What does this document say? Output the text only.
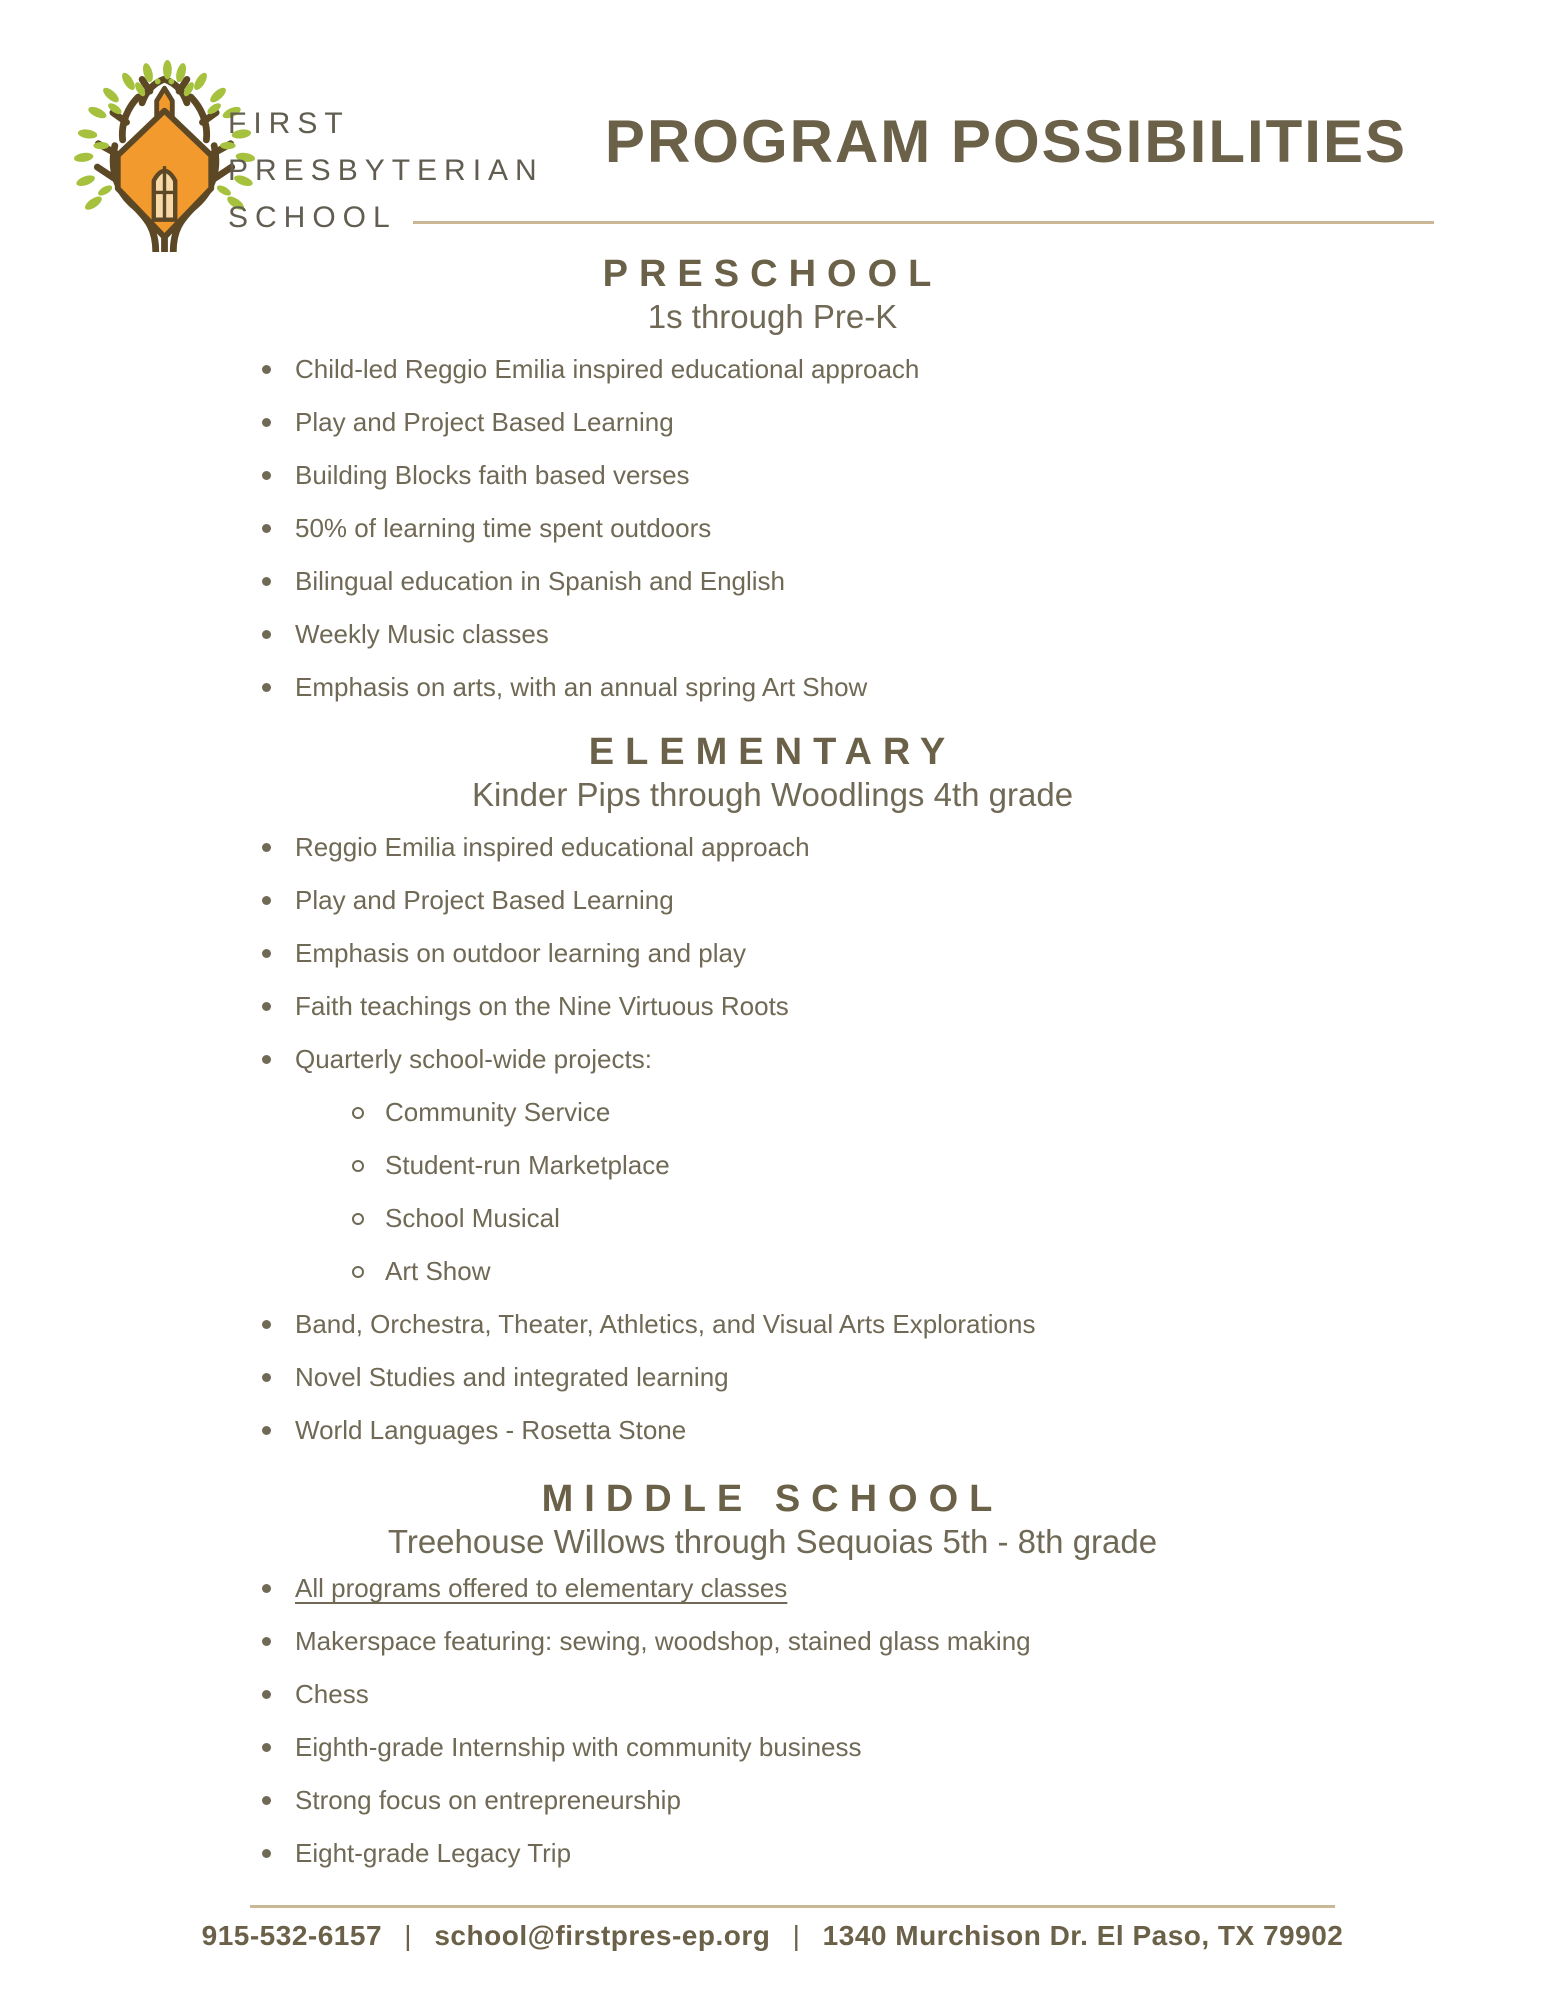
FIRST
PRESBYTERIAN
SCHOOL
PROGRAM POSSIBILITIES
PRESCHOOL

1s through Pre-K

Child-led Reggio Emilia inspired educational approach
Play and Project Based Learning
Building Blocks faith based verses
50% of learning time spent outdoors
Bilingual education in Spanish and English
Weekly Music classes
Emphasis on arts, with an annual spring Art Show
ELEMENTARY

Kinder Pips through Woodlings 4th grade

Reggio Emilia inspired educational approach
Play and Project Based Learning
Emphasis on outdoor learning and play
Faith teachings on the Nine Virtuous Roots
Quarterly school-wide projects:
Community Service
Student-run Marketplace
School Musical
Art Show
Band, Orchestra, Theater, Athletics, and Visual Arts Explorations
Novel Studies and integrated learning
World Languages - Rosetta Stone
MIDDLE SCHOOL

Treehouse Willows through Sequoias 5th - 8th grade

All programs offered to elementary classes
Makerspace featuring: sewing, woodshop, stained glass making
Chess
Eighth-grade Internship with community business
Strong focus on entrepreneurship
Eight-grade Legacy Trip

915-532-6157 | school@firstpres-ep.org | 1340 Murchison Dr. El Paso, TX 79902
